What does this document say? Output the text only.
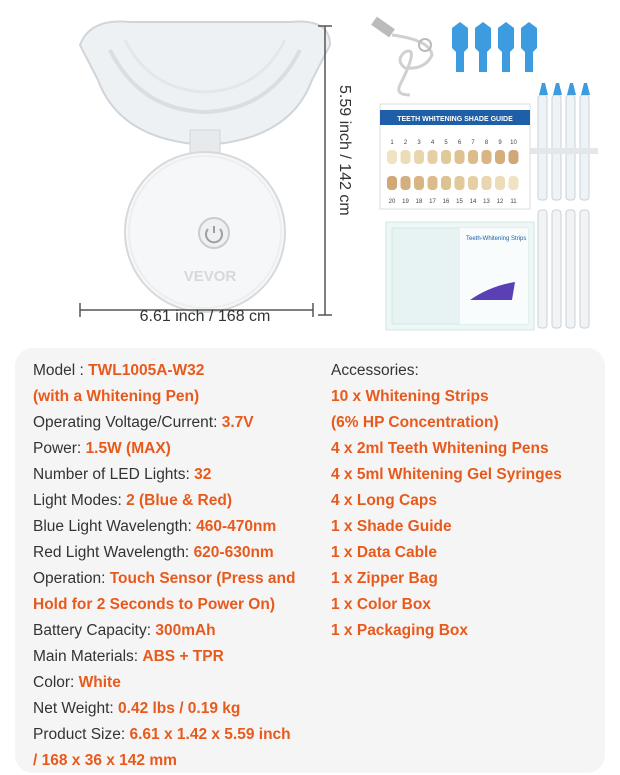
VEVOR
TEETH WHITENING SHADE GUIDE
1 2 3 4 5 6 7 8 9 10
20 19 18 17 16 15 14 13 12 11
Teeth-Whitening Strips
6.61 inch / 168 cm
5.59 inch / 142 cm
Model : TWL1005A-W32
(with a Whitening Pen)
Operating Voltage/Current: 3.7V
Power: 1.5W (MAX)
Number of LED Lights: 32
Light Modes: 2 (Blue & Red)
Blue Light Wavelength: 460-470nm
Red Light Wavelength: 620-630nm
Operation: Touch Sensor (Press and
Hold for 2 Seconds to Power On)
Battery Capacity: 300mAh
Main Materials: ABS + TPR
Color: White
Net Weight: 0.42 lbs / 0.19 kg
Product Size: 6.61 x 1.42 x 5.59 inch
/ 168 x 36 x 142 mm
Accessories:
10 x Whitening Strips
(6% HP Concentration)
4 x 2ml Teeth Whitening Pens
4 x 5ml Whitening Gel Syringes
4 x Long Caps
1 x Shade Guide
1 x Data Cable
1 x Zipper Bag
1 x Color Box
1 x Packaging Box
